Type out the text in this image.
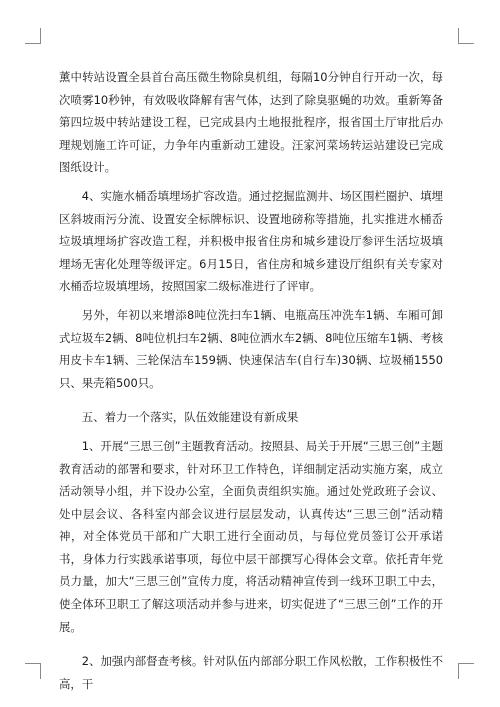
薰中转站设置全县首台高压微生物除臭机组，每隔10分钟自行开动一次，每次喷雾10秒钟，有效吸收降解有害气体，达到了除臭驱蝇的功效。重新筹备第四垃圾中转站建设工程，已完成县内土地报批程序，报省国土厅审批后办理规划施工许可证，力争年内重新动工建设。汪家河菜场转运站建设已完成图纸设计。

4、实施水桶岙填埋场扩容改造。通过挖掘监测井、场区围栏圈护、填埋区斜坡雨污分流、设置安全标牌标识、设置地磅称等措施，扎实推进水桶岙垃圾填埋场扩容改造工程，并积极申报省住房和城乡建设厅参评生活垃圾填埋场无害化处理等级评定。6月15日，省住房和城乡建设厅组织有关专家对水桶岙垃圾填埋场，按照国家二级标准进行了评审。

另外，年初以来增添8吨位洗扫车1辆、电瓶高压冲洗车1辆、车厢可卸式垃圾车2辆、8吨位机扫车2辆、8吨位洒水车2辆、8吨位压缩车1辆、考核用皮卡车1辆、三轮保洁车159辆、快速保洁车(自行车)30辆、垃圾桶1550只、果壳箱500只。

五、着力一个落实，队伍效能建设有新成果

1、开展“三思三创”主题教育活动。按照县、局关于开展“三思三创”主题教育活动的部署和要求，针对环卫工作特色，详细制定活动实施方案，成立活动领导小组，并下设办公室，全面负责组织实施。通过处党政班子会议、处中层会议、各科室内部会议进行层层发动，认真传达“三思三创”活动精神，对全体党员干部和广大职工进行全面动员，与每位党员签订公开承诺书，身体力行实践承诺事项，每位中层干部撰写心得体会文章。依托青年党员力量，加大“三思三创”宣传力度，将活动精神宣传到一线环卫职工中去，使全体环卫职工了解这项活动并参与进来，切实促进了“三思三创”工作的开展。

2、加强内部督查考核。针对队伍内部部分职工作风松散，工作积极性不高，干
